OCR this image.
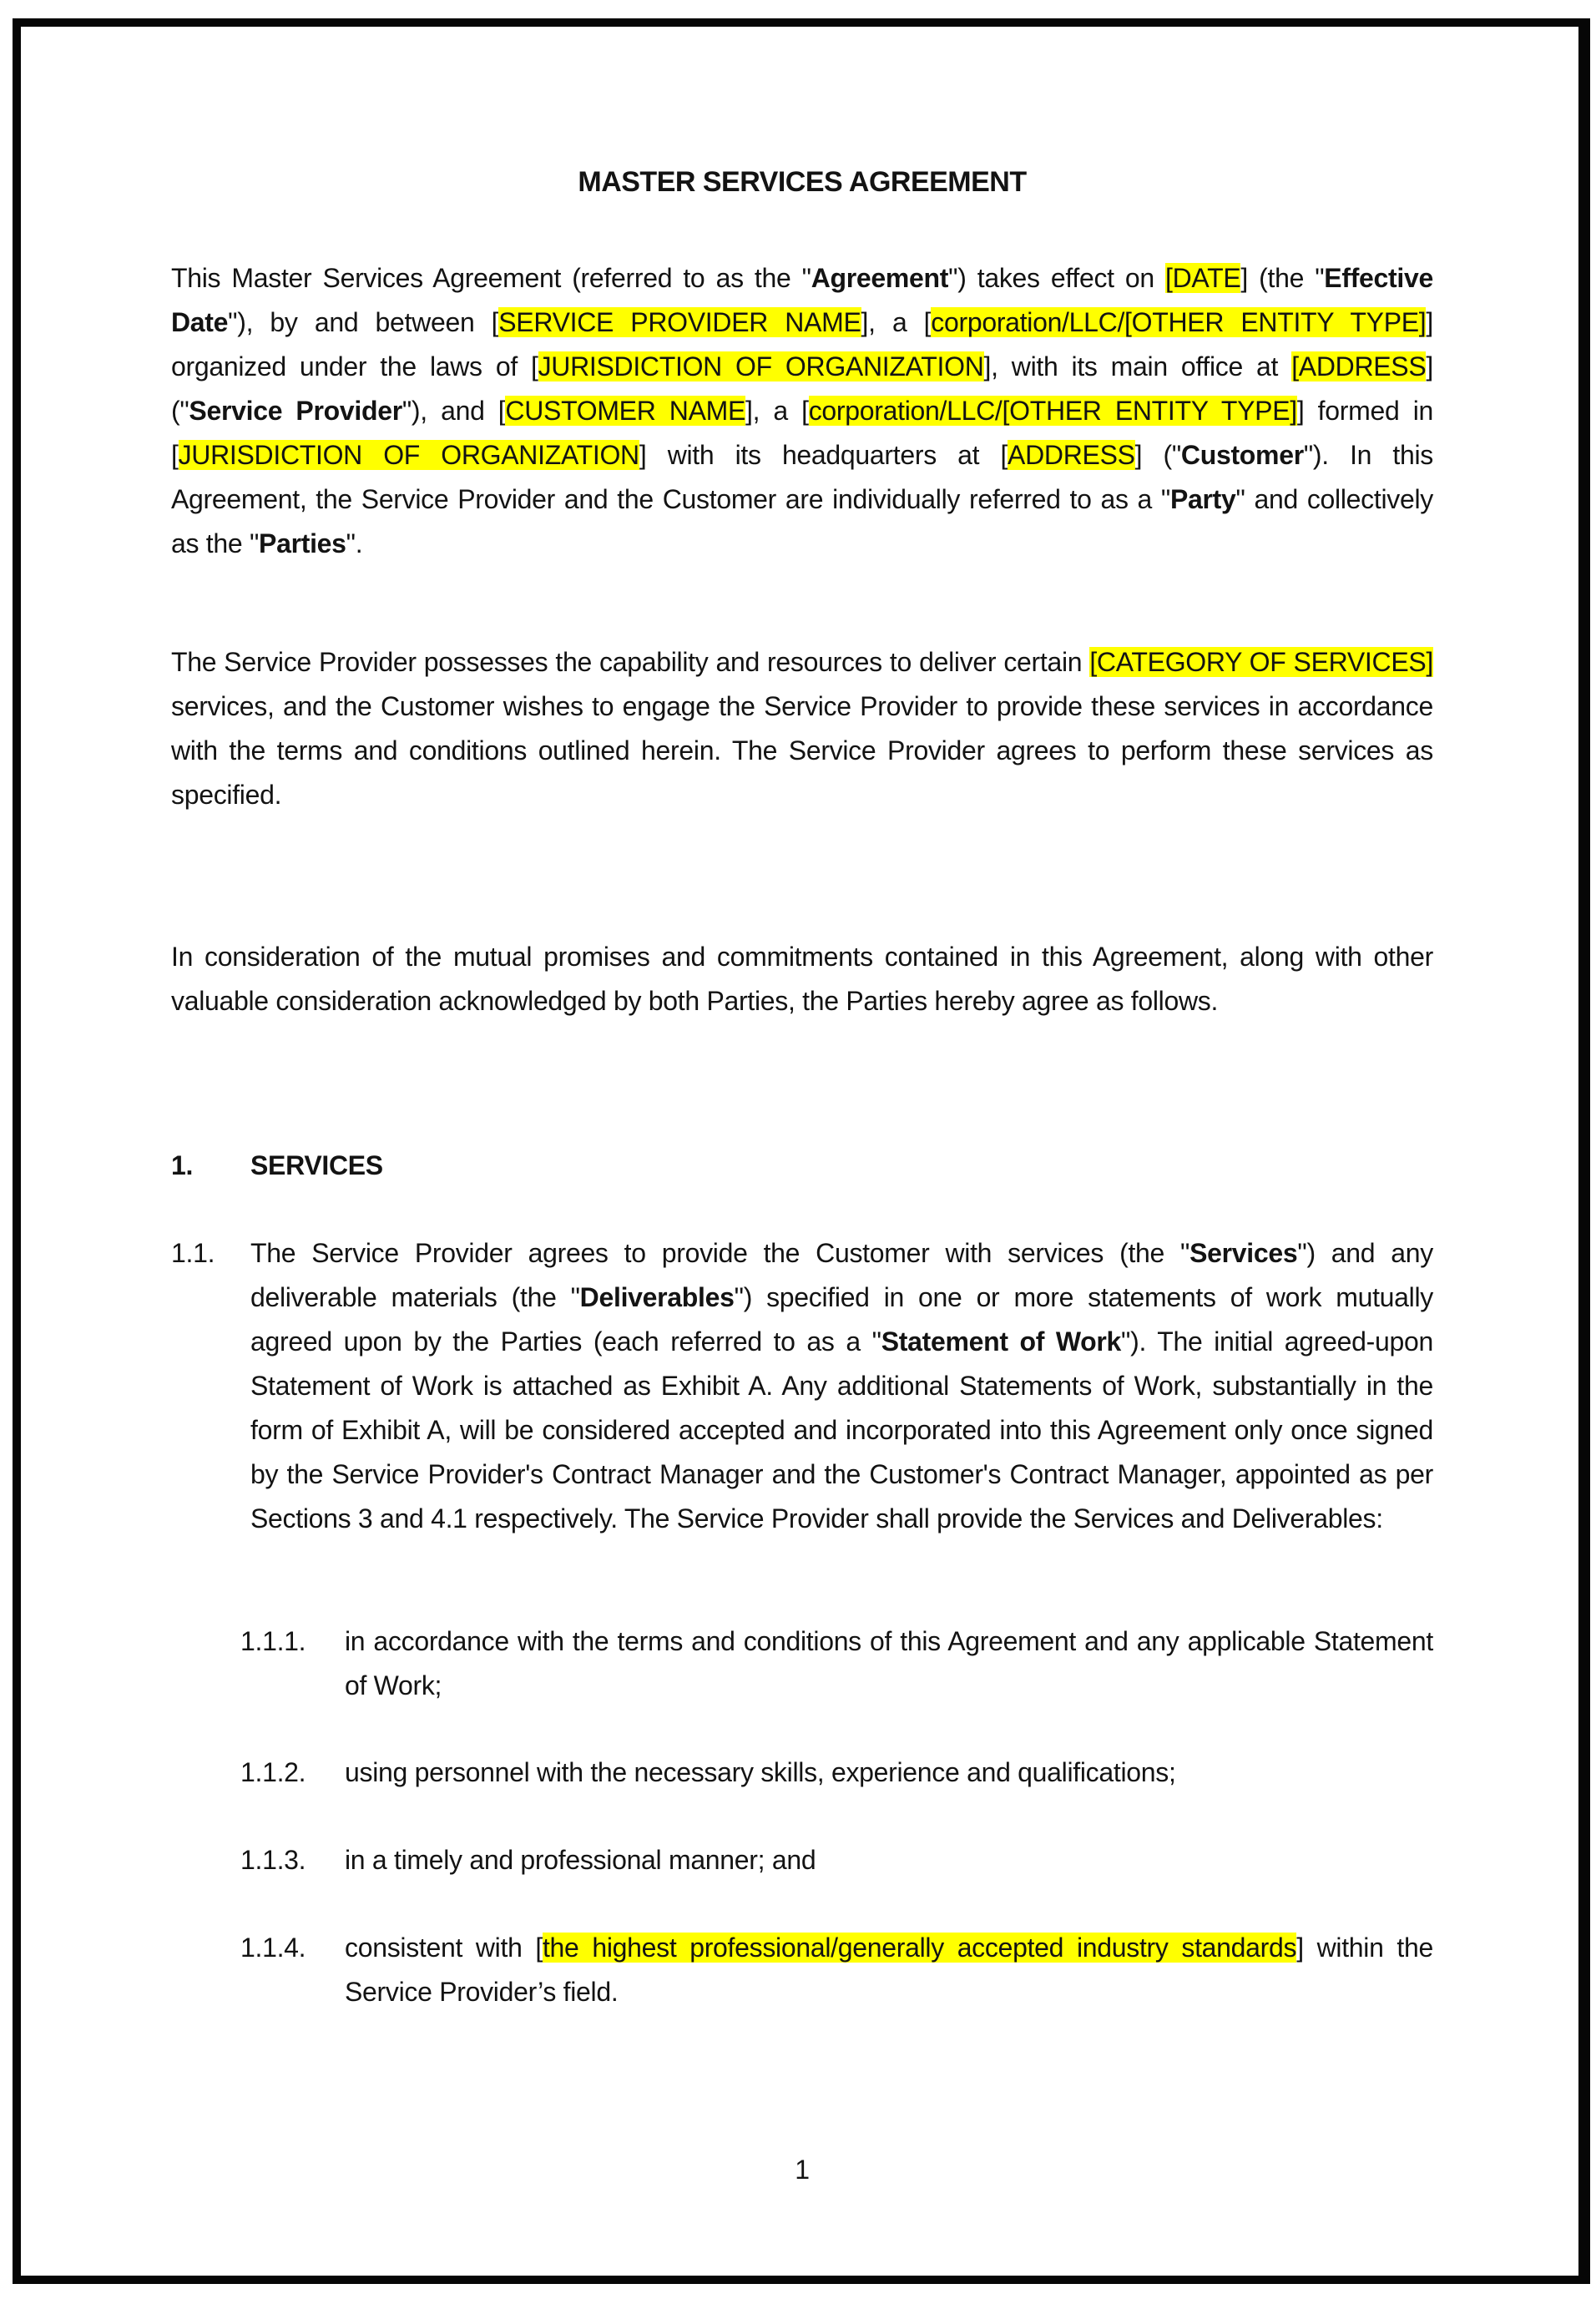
MASTER SERVICES AGREEMENT
This Master Services Agreement (referred to as the "Agreement") takes effect on [DATE] (the "Effective Date"), by and between [SERVICE PROVIDER NAME], a [corporation/LLC/[OTHER ENTITY TYPE]] organized under the laws of [JURISDICTION OF ORGANIZATION], with its main office at [ADDRESS] ("Service Provider"), and [CUSTOMER NAME], a [corporation/LLC/[OTHER ENTITY TYPE]] formed in [JURISDICTION OF ORGANIZATION] with its headquarters at [ADDRESS] ("Customer"). In this Agreement, the Service Provider and the Customer are individually referred to as a "Party" and collectively as the "Parties".
The Service Provider possesses the capability and resources to deliver certain [CATEGORY OF SERVICES] services, and the Customer wishes to engage the Service Provider to provide these services in accordance with the terms and conditions outlined herein. The Service Provider agrees to perform these services as specified.
In consideration of the mutual promises and commitments contained in this Agreement, along with other valuable consideration acknowledged by both Parties, the Parties hereby agree as follows.
1. SERVICES
1.1. The Service Provider agrees to provide the Customer with services (the "Services") and any deliverable materials (the "Deliverables") specified in one or more statements of work mutually agreed upon by the Parties (each referred to as a "Statement of Work"). The initial agreed-upon Statement of Work is attached as Exhibit A. Any additional Statements of Work, substantially in the form of Exhibit A, will be considered accepted and incorporated into this Agreement only once signed by the Service Provider's Contract Manager and the Customer's Contract Manager, appointed as per Sections 3 and 4.1 respectively. The Service Provider shall provide the Services and Deliverables:
1.1.1. in accordance with the terms and conditions of this Agreement and any applicable Statement of Work;
1.1.2. using personnel with the necessary skills, experience and qualifications;
1.1.3. in a timely and professional manner; and
1.1.4. consistent with [the highest professional/generally accepted industry standards] within the Service Provider’s field.
1
